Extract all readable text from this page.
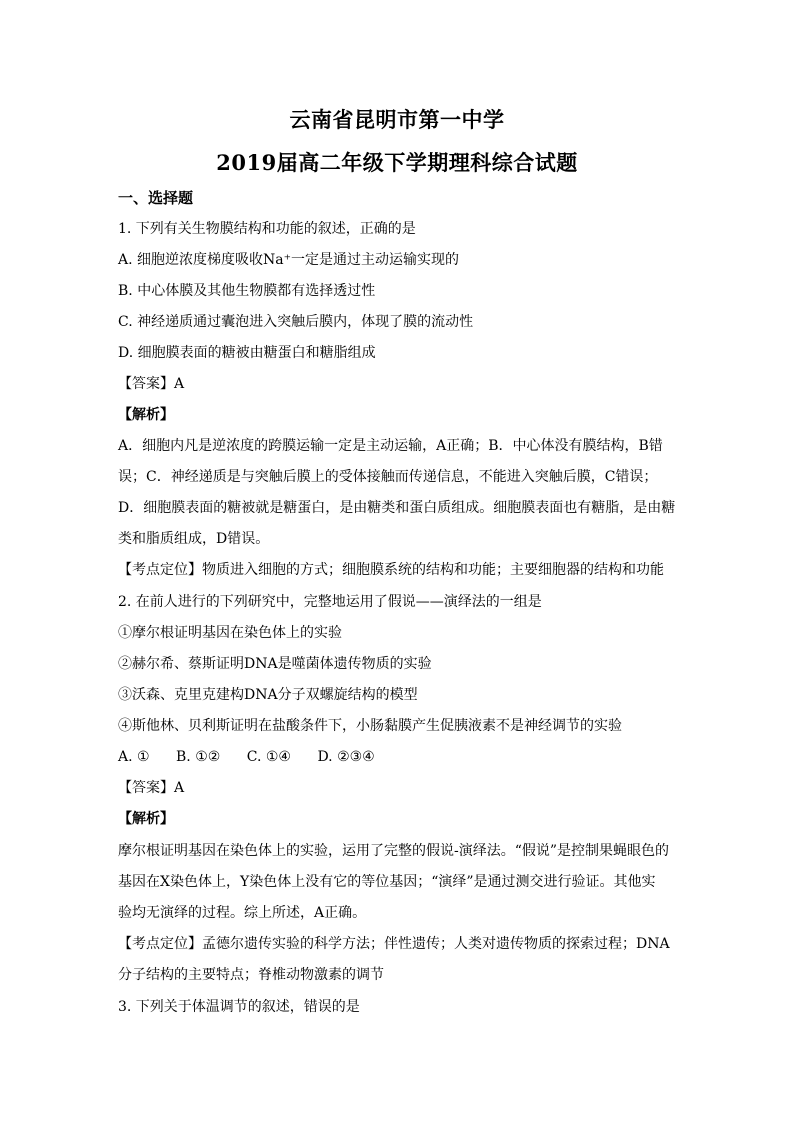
云南省昆明市第一中学
2019届高二年级下学期理科综合试题
一、选择题
1. 下列有关生物膜结构和功能的叙述，正确的是
A. 细胞逆浓度梯度吸收Na⁺一定是通过主动运输实现的
B. 中心体膜及其他生物膜都有选择透过性
C. 神经递质通过囊泡进入突触后膜内，体现了膜的流动性
D. 细胞膜表面的糖被由糖蛋白和糖脂组成
【答案】A
【解析】
A．细胞内凡是逆浓度的跨膜运输一定是主动运输，A正确；B．中心体没有膜结构，B错
误；C．神经递质是与突触后膜上的受体接触而传递信息，不能进入突触后膜，C错误；
D．细胞膜表面的糖被就是糖蛋白，是由糖类和蛋白质组成。细胞膜表面也有糖脂，是由糖
类和脂质组成，D错误。
【考点定位】物质进入细胞的方式；细胞膜系统的结构和功能；主要细胞器的结构和功能
2. 在前人进行的下列研究中，完整地运用了假说——演绎法的一组是
①摩尔根证明基因在染色体上的实验
②赫尔希、蔡斯证明DNA是噬菌体遗传物质的实验
③沃森、克里克建构DNA分子双螺旋结构的模型
④斯他林、贝利斯证明在盐酸条件下，小肠黏膜产生促胰液素不是神经调节的实验
A. ① B. ①② C. ①④ D. ②③④
【答案】A
【解析】
摩尔根证明基因在染色体上的实验，运用了完整的假说-演绎法。“假说”是控制果蝇眼色的
基因在X染色体上，Y染色体上没有它的等位基因；“演绎”是通过测交进行验证。其他实
验均无演绎的过程。综上所述，A正确。
【考点定位】孟德尔遗传实验的科学方法；伴性遗传；人类对遗传物质的探索过程；DNA
分子结构的主要特点；脊椎动物激素的调节
3. 下列关于体温调节的叙述，错误的是
